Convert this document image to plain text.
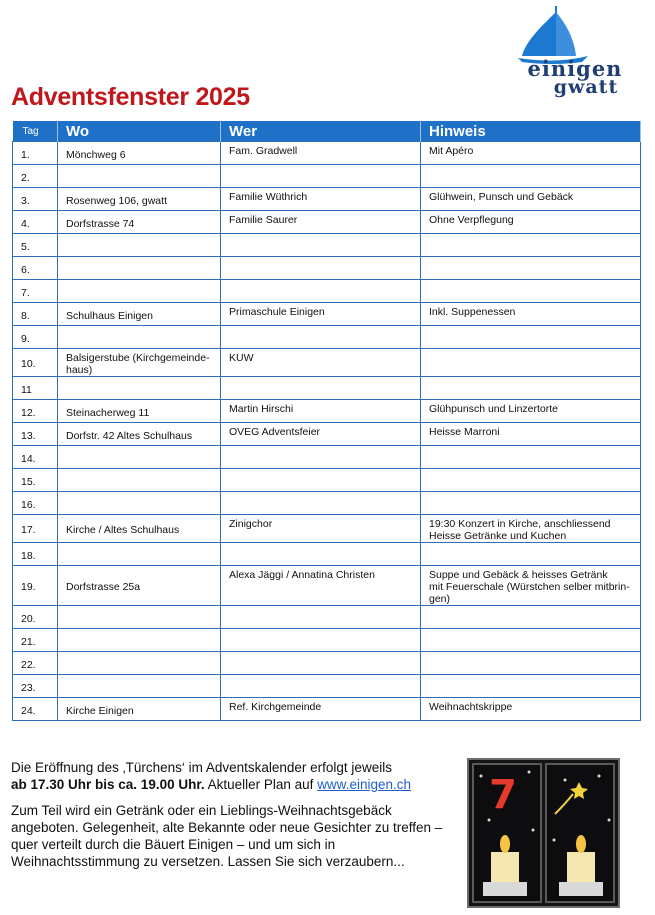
einigen
gwatt
Adventsfenster 2025
Tag	Wo	Wer	Hinweis
1.	Mönchweg 6	Fam. Gradwell	Mit Apéro
2.			
3.	Rosenweg 106, gwatt	Familie Wüthrich	Glühwein, Punsch und Gebäck
4.	Dorfstrasse 74	Familie Saurer	Ohne Verpflegung
5.			
6.			
7.			
8.	Schulhaus Einigen	Primaschule Einigen	Inkl. Suppenessen
9.			
10.	Balsigerstube (Kirchgemeinde-
haus)	KUW	
11			
12.	Steinacherweg 11	Martin Hirschi	Glühpunsch und Linzertorte
13.	Dorfstr. 42 Altes Schulhaus	OVEG Adventsfeier	Heisse Marroni
14.			
15.			
16.			
17.	Kirche / Altes Schulhaus	Zinigchor	19:30 Konzert in Kirche, anschliessend
Heisse Getränke und Kuchen
18.			
19.	Dorfstrasse 25a	Alexa Jäggi / Annatina Christen	Suppe und Gebäck & heisses Getränk
mit Feuerschale (Würstchen selber mitbrin-
gen)
20.			
21.			
22.			
23.			
24.	Kirche Einigen	Ref. Kirchgemeinde	Weihnachtskrippe

Die Eröffnung des ‚Türchens‘ im Adventskalender erfolgt jeweils
ab 17.30 Uhr bis ca. 19.00 Uhr. Aktueller Plan auf www.einigen.ch

Zum Teil wird ein Getränk oder ein Lieblings-Weihnachtsgebäck angeboten. Gelegenheit, alte Bekannte oder neue Gesichter zu treffen – quer verteilt durch die Bäuert Einigen – und um sich in Weihnachtsstimmung zu versetzen. Lassen Sie sich verzaubern...

7
